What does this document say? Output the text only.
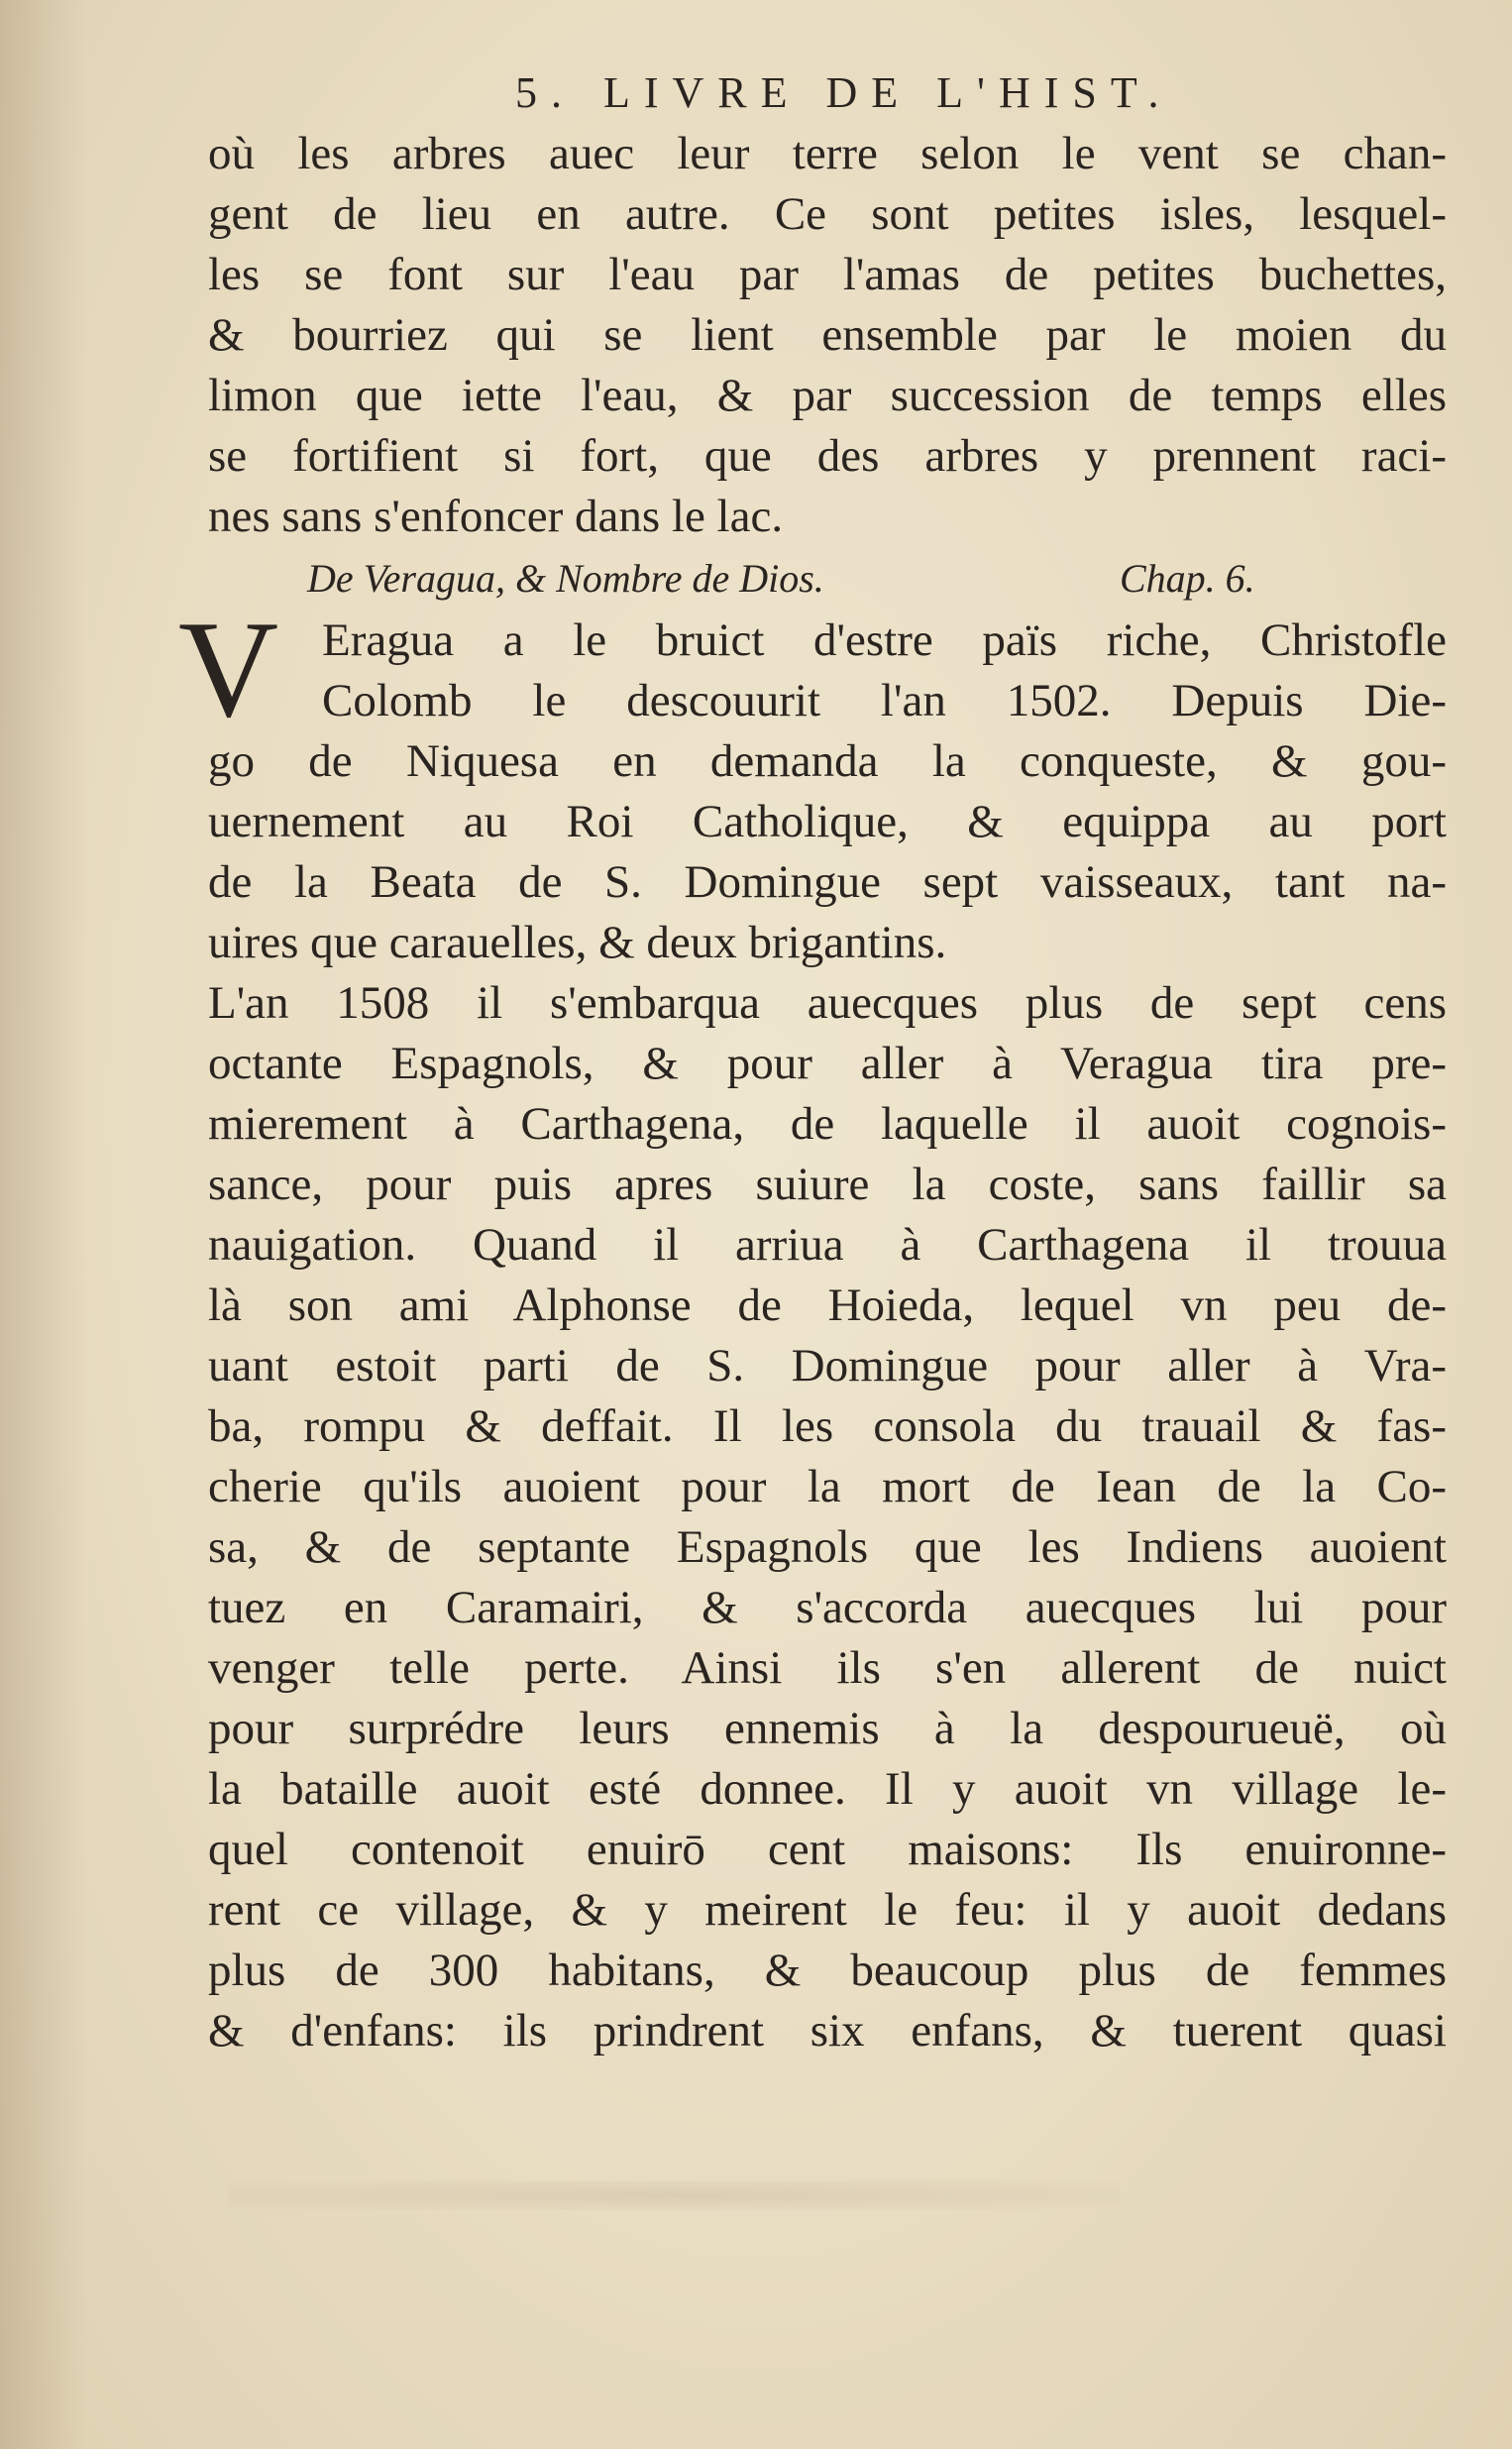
5. LIVRE DE L'HIST.
où les arbres auec leur terre selon le vent se chan-
gent de lieu en autre. Ce sont petites isles, lesquel-
les se font sur l'eau par l'amas de petites buchettes,
& bourriez qui se lient ensemble par le moien du
limon que iette l'eau, & par succession de temps elles
se fortifient si fort, que des arbres y prennent raci-
nes sans s'enfoncer dans le lac.
De Veragua, & Nombre de Dios.	Chap. 6.
V Eragua a le bruict d'estre païs riche, Christofle
Colomb le descouurit l'an 1502. Depuis Die-
go de Niquesa en demanda la conqueste, & gou-
uernement au Roi Catholique, & equippa au port
de la Beata de S. Domingue sept vaisseaux, tant na-
uires que carauelles, & deux brigantins.
L'an 1508 il s'embarqua auecques plus de sept cens
octante Espagnols, & pour aller à Veragua tira pre-
mierement à Carthagena, de laquelle il auoit cognois-
sance, pour puis apres suiure la coste, sans faillir sa
nauigation. Quand il arriua à Carthagena il trouua
là son ami Alphonse de Hoieda, lequel vn peu de-
uant estoit parti de S. Domingue pour aller à Vra-
ba, rompu & deffait. Il les consola du trauail & fas-
cherie qu'ils auoient pour la mort de Iean de la Co-
sa, & de septante Espagnols que les Indiens auoient
tuez en Caramairi, & s'accorda auecques lui pour
venger telle perte. Ainsi ils s'en allerent de nuict
pour surprédre leurs ennemis à la despourueuë, où
la bataille auoit esté donnee. Il y auoit vn village le-
quel contenoit enuirō cent maisons: Ils enuironne-
rent ce village, & y meirent le feu: il y auoit dedans
plus de 300 habitans, & beaucoup plus de femmes
& d'enfans: ils prindrent six enfans, & tuerent quasi
